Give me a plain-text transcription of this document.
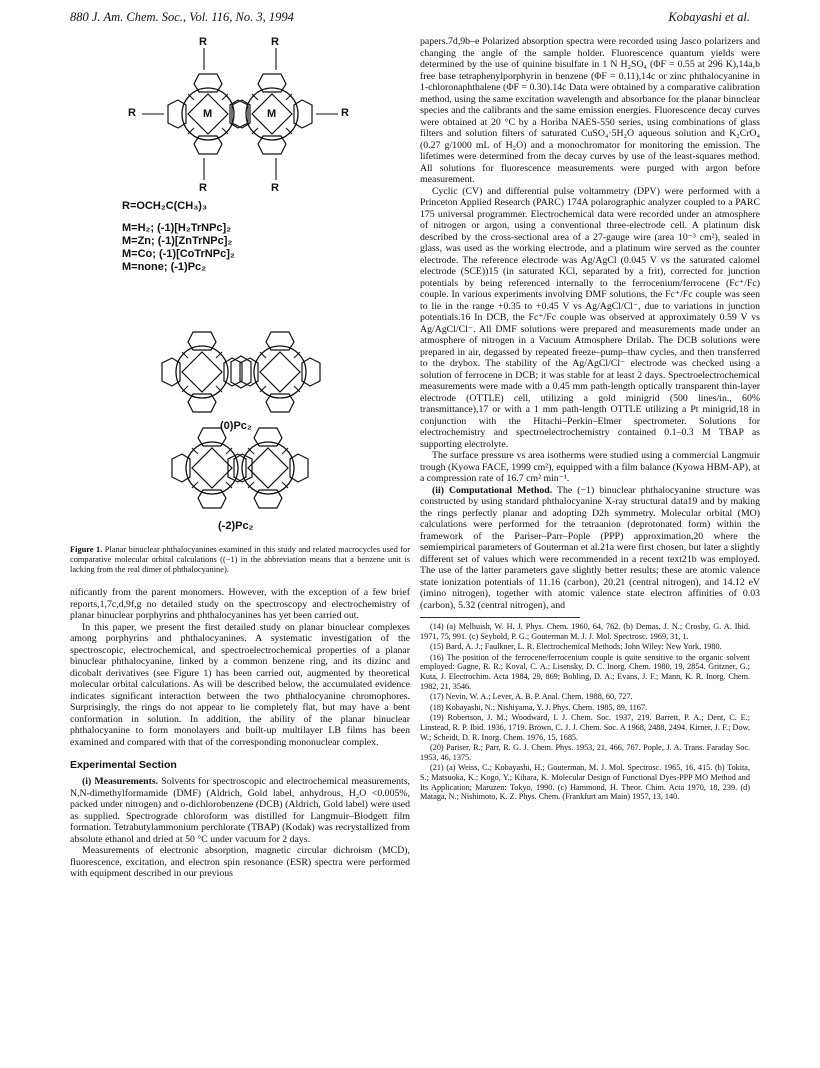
880 J. Am. Chem. Soc., Vol. 116, No. 3, 1994	Kobayashi et al.
R	R
R	R
R	R
M	M
R=OCH₂C(CH₃)₃
M=H₂; (-1)[H₂TrNPc]₂
M=Zn; (-1)[ZnTrNPc]₂
M=Co; (-1)[CoTrNPc]₂
M=none; (-1)Pc₂
(0)Pc₂
(-2)Pc₂

Figure 1. Planar binuclear phthalocyanines examined in this study and related macrocycles used for comparative molecular orbital calculations ((−1) in the abbreviation means that a benzene unit is lacking from the real dimer of phthalocyanine).

nificantly from the parent monomers. However, with the exception of a few brief reports,1,7c,d,9f,g no detailed study on the spectroscopy and electrochemistry of planar binuclear porphyrins and phthalocyanines has yet been carried out.

In this paper, we present the first detailed study on planar binuclear complexes among porphyrins and phthalocyanines. A systematic investigation of the spectroscopic, electrochemical, and spectroelectrochemical properties of a planar binuclear phthalocyanine, linked by a common benzene ring, and its dizinc and dicobalt derivatives (see Figure 1) has been carried out, augmented by theoretical molecular orbital calculations. As will be described below, the accumulated evidence indicates significant interaction between the two phthalocyanine chromophores. Surprisingly, the rings do not appear to lie completely flat, but may have a bent conformation in solution. In addition, the ability of the planar binuclear phthalocyanine to form monolayers and built-up multilayer LB films has been examined and compared with that of the corresponding mononuclear complex.

Experimental Section

(i) Measurements. Solvents for spectroscopic and electrochemical measurements, N,N-dimethylformamide (DMF) (Aldrich, Gold label, anhydrous, H₂O <0.005%, packed under nitrogen) and o-dichlorobenzene (DCB) (Aldrich, Gold label) were used as supplied. Spectrograde chloroform was distilled for Langmuir–Blodgett film formation. Tetrabutylammonium perchlorate (TBAP) (Kodak) was recrystallized from absolute ethanol and dried at 50 °C under vacuum for 2 days.

Measurements of electronic absorption, magnetic circular dichroism (MCD), fluorescence, excitation, and electron spin resonance (ESR) spectra were performed with equipment described in our previous

papers.7d,9b–e Polarized absorption spectra were recorded using Jasco polarizers and changing the angle of the sample holder. Fluorescence quantum yields were determined by the use of quinine bisulfate in 1 N H₂SO₄ (ΦF = 0.55 at 296 K),14a,b free base tetraphenylporphyrin in benzene (ΦF = 0.11),14c or zinc phthalocyanine in 1-chloronaphthalene (ΦF = 0.30).14c Data were obtained by a comparative calibration method, using the same excitation wavelength and absorbance for the planar binuclear species and the calibrants and the same emission energies. Fluorescence decay curves were obtained at 20 °C by a Horiba NAES-550 series, using combinations of glass filters and solution filters of saturated CuSO₄·5H₂O aqueous solution and K₂CrO₄ (0.27 g/1000 mL of H₂O) and a monochromator for monitoring the emission. The lifetimes were determined from the decay curves by use of the least-squares method. All solutions for fluorescence measurements were purged with argon before measurement.

Cyclic (CV) and differential pulse voltammetry (DPV) were performed with a Princeton Applied Research (PARC) 174A polarographic analyzer coupled to a PARC 175 universal programmer. Electrochemical data were recorded under an atmosphere of nitrogen or argon, using a conventional three-electrode cell. A platinum disk described by the cross-sectional area of a 27-gauge wire (area 10⁻³ cm²), sealed in glass, was used as the working electrode, and a platinum wire served as the counter electrode. The reference electrode was Ag/AgCl (0.045 V vs the saturated calomel electrode (SCE))15 (in saturated KCl, separated by a frit), corrected for junction potentials by being referenced internally to the ferrocenium/ferrocene (Fc⁺/Fc) couple. In various experiments involving DMF solutions, the Fc⁺/Fc couple was seen to lie in the range +0.35 to +0.45 V vs Ag/AgCl/Cl⁻, due to variations in junction potentials.16 In DCB, the Fc⁺/Fc couple was observed at approximately 0.59 V vs Ag/AgCl/Cl⁻. All DMF solutions were prepared and measurements made under an atmosphere of nitrogen in a Vacuum Atmosphere Drilab. The DCB solutions were prepared in air, degassed by repeated freeze–pump–thaw cycles, and then transferred to the drybox. The stability of the Ag/AgCl/Cl⁻ electrode was checked using a solution of ferrocene in DCB; it was stable for at least 2 days. Spectroelectrochemical measurements were made with a 0.45 mm path-length optically transparent thin-layer electrode (OTTLE) cell, utilizing a gold minigrid (500 lines/in., 60% transmittance),17 or with a 1 mm path-length OTTLE utilizing a Pt minigrid,18 in conjunction with the Hitachi–Perkin–Elmer spectrometer. Solutions for electrochemistry and spectroelectrochemistry contained 0.1–0.3 M TBAP as supporting electrolyte.

The surface pressure vs area isotherms were studied using a commercial Langmuir trough (Kyowa FACE, 1999 cm²), equipped with a film balance (Kyowa HBM-AP), at a compression rate of 16.7 cm² min⁻¹.

(ii) Computational Method. The (−1) binuclear phthalocyanine structure was constructed by using standard phthalocyanine X-ray structural data19 and by making the rings perfectly planar and adopting D2h symmetry. Molecular orbital (MO) calculations were performed for the tetraanion (deprotonated form) within the framework of the Pariser–Parr–Pople (PPP) approximation,20 where the semiempirical parameters of Gouterman et al.21a were first chosen, but later a slightly different set of values which were recommended in a recent text21b was employed. The use of the latter parameters gave slightly better results; these are atomic valence state ionization potentials of 11.16 (carbon), 20.21 (central nitrogen), and 14.12 eV (imino nitrogen), together with atomic valence state electron affinities of 0.03 (carbon), 5.32 (central nitrogen), and

(14) (a) Melhuish, W. H. J. Phys. Chem. 1960, 64, 762. (b) Demas, J. N.; Crosby, G. A. Ibid. 1971, 75, 991. (c) Seybold, P. G.; Gouterman M. J. J. Mol. Spectrosc. 1969, 31, 1.

(15) Bard, A. J.; Faulkner, L. R. Electrochemical Methods; John Wiley: New York, 1980.

(16) The position of the ferrocene/ferrocenium couple is quite sensitive to the organic solvent employed: Gagne, R. R.; Koval, C. A.; Lisensky, D. C. Inorg. Chem. 1980, 19, 2854. Gritzner, G.; Kuta, J. Electrochim. Acta 1984, 29, 869; Bohling, D. A.; Evans, J. F.; Mann, K. R. Inorg. Chem. 1982, 21, 3546.

(17) Nevin, W. A.; Lever, A. B. P. Anal. Chem. 1988, 60, 727.

(18) Kobayashi, N.; Nishiyama, Y. J. Phys. Chem. 1985, 89, 1167.

(19) Robertson, J. M.; Woodward, I. J. Chem. Soc. 1937, 219. Barrett, P. A.; Dent, C. E.; Linstead, R. P. Ibid. 1936, 1719. Brown, C. J. J. Chem. Soc. A 1968, 2488, 2494. Kirner, J. F.; Dow, W.; Scheidt, D. R. Inorg. Chem. 1976, 15, 1685.

(20) Pariser, R.; Parr, R. G. J. Chem. Phys. 1953, 21, 466, 767. Pople, J. A. Trans. Faraday Soc. 1953, 46, 1375.

(21) (a) Weiss, C.; Kobayashi, H.; Gouterman, M. J. Mol. Spectrosc. 1965, 16, 415. (b) Tokita, S.; Matsuoka, K.; Kogo, Y.; Kihara, K. Molecular Design of Functional Dyes-PPP MO Method and Its Application; Maruzen: Tokyo, 1990. (c) Hammond, H. Theor. Chim. Acta 1970, 18, 239. (d) Mataga, N.; Nishimoto, K. Z. Phys. Chem. (Frankfurt am Main) 1957, 13, 140.
